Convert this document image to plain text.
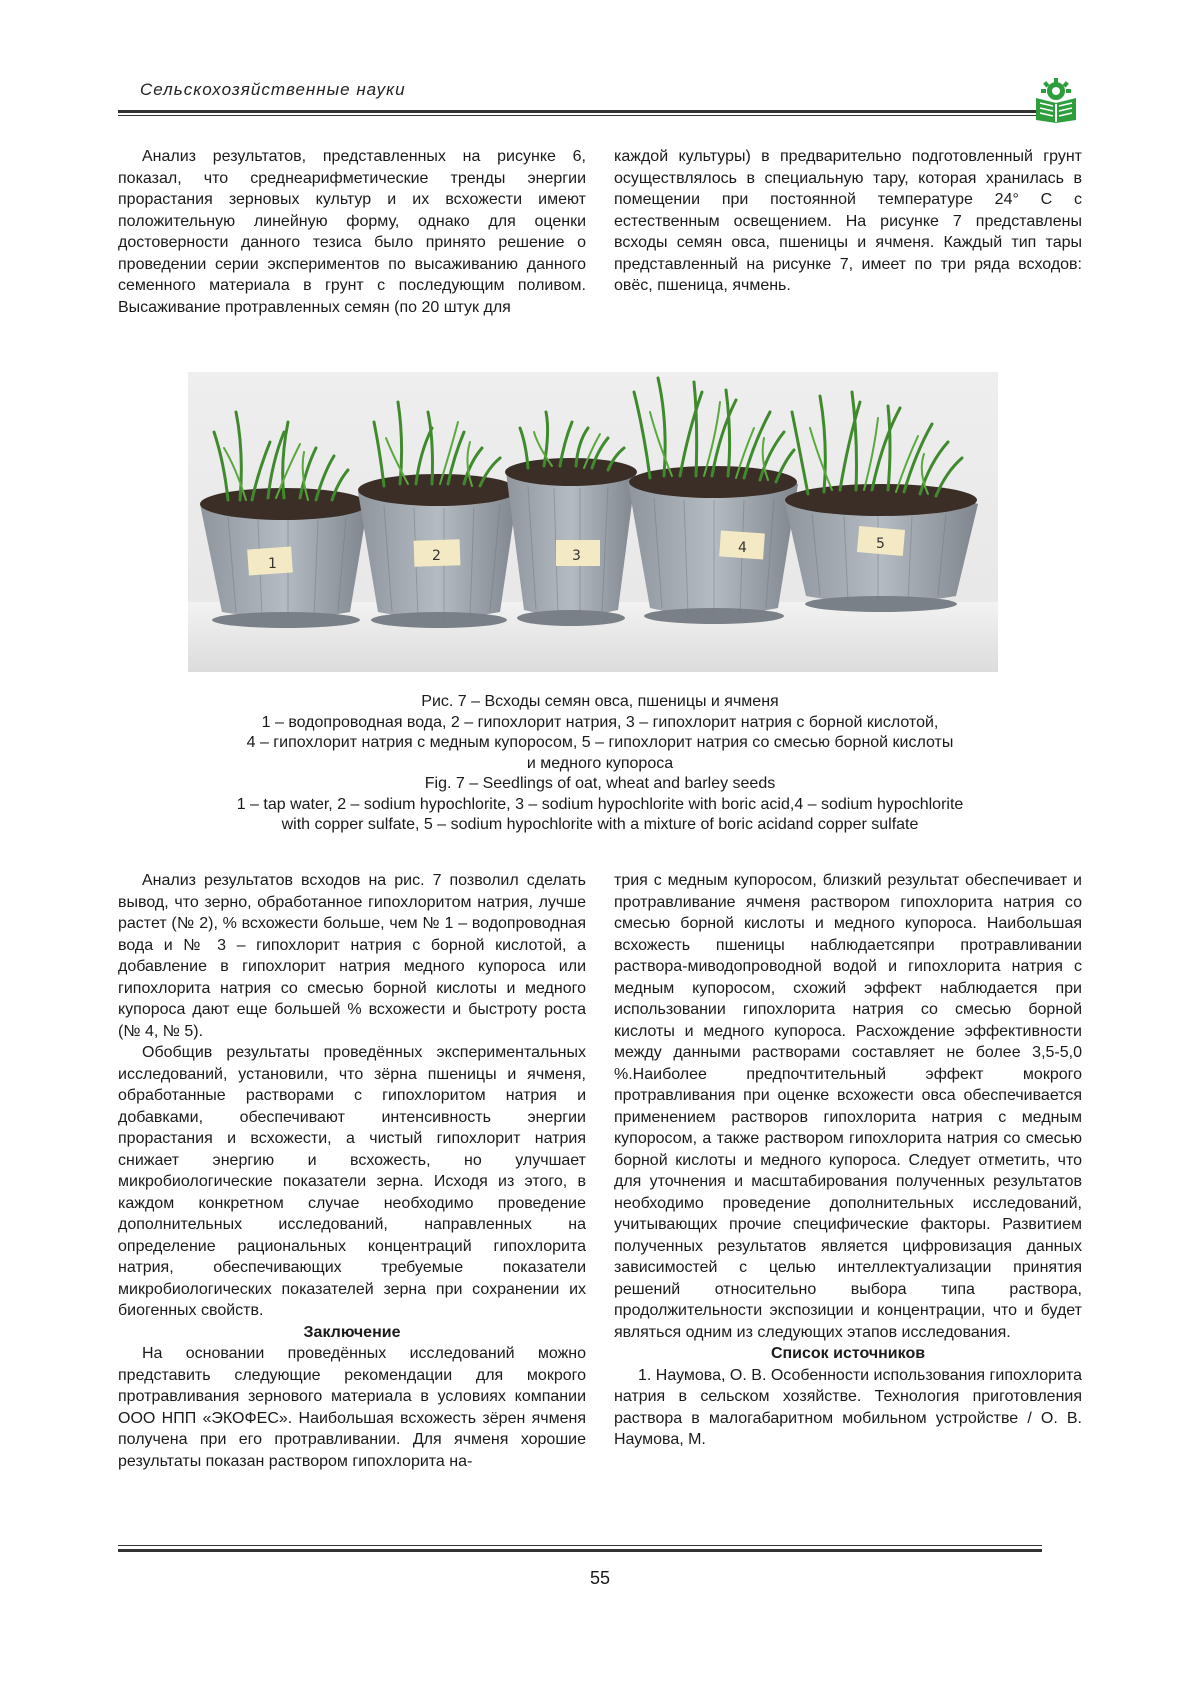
Сельскохозяйственные науки

Анализ результатов, представленных на рисунке 6, показал, что среднеарифметические тренды энергии прорастания зерновых культур и их всхожести имеют положительную линейную форму, однако для оценки достоверности данного тезиса было принято решение о проведении серии экспериментов по высаживанию данного семенного материала в грунт с последующим поливом. Высаживание протравленных семян (по 20 штук для

каждой культуры) в предварительно подготовленный грунт осуществлялось в специальную тару, которая хранилась в помещении при постоянной температуре 24° С с естественным освещением. На рисунке 7 представлены всходы семян овса, пшеницы и ячменя. Каждый тип тары представленный на рисунке 7, имеет по три ряда всходов: овёс, пшеница, ячмень.

1	2	3	4	5
Рис. 7 – Всходы семян овса, пшеницы и ячменя
1 – водопроводная вода, 2 – гипохлорит натрия, 3 – гипохлорит натрия с борной кислотой,
4 – гипохлорит натрия с медным купоросом, 5 – гипохлорит натрия со смесью борной кислоты
и медного купороса
Fig. 7 – Seedlings of oat, wheat and barley seeds
1 – tap water, 2 – sodium hypochlorite, 3 – sodium hypochlorite with boric acid,4 – sodium hypochlorite
with copper sulfate, 5 – sodium hypochlorite with a mixture of boric acidand copper sulfate

Анализ результатов всходов на рис. 7 позволил сделать вывод, что зерно, обработанное гипохлоритом натрия, лучше растет (№ 2), % всхожести больше, чем № 1 – водопроводная вода и № 3 – гипохлорит натрия с борной кислотой, а добавление в гипохлорит натрия медного купороса или гипохлорита натрия со смесью борной кислоты и медного купороса дают еще большей % всхожести и быстроту роста (№ 4, № 5).

Обобщив результаты проведённых экспериментальных исследований, установили, что зёрна пшеницы и ячменя, обработанные растворами с гипохлоритом натрия и добавками, обеспечивают интенсивность энергии прорастания и всхожести, а чистый гипохлорит натрия снижает энергию и всхожесть, но улучшает микробиологические показатели зерна. Исходя из этого, в каждом конкретном случае необходимо проведение дополнительных исследований, направленных на определение рациональных концентраций гипохлорита натрия, обеспечивающих требуемые показатели микробиологических показателей зерна при сохранении их биогенных свойств.

Заключение

На основании проведённых исследований можно представить следующие рекомендации для мокрого протравливания зернового материала в условиях компании ООО НПП «ЭКОФЕС». Наибольшая всхожесть зёрен ячменя получена при его протравливании. Для ячменя хорошие результаты показан раствором гипохлорита на-

трия с медным купоросом, близкий результат обеспечивает и протравливание ячменя раствором гипохлорита натрия со смесью борной кислоты и медного купороса. Наибольшая всхожесть пшеницы наблюдаетсяпри протравливании раствора-миводопроводной водой и гипохлорита натрия с медным купоросом, схожий эффект наблюдается при использовании гипохлорита натрия со смесью борной кислоты и медного купороса. Расхождение эффективности между данными растворами составляет не более 3,5-5,0 %.Наиболее предпочтительный эффект мокрого протравливания при оценке всхожести овса обеспечивается применением растворов гипохлорита натрия с медным купоросом, а также раствором гипохлорита натрия со смесью борной кислоты и медного купороса. Следует отметить, что для уточнения и масштабирования полученных результатов необходимо проведение дополнительных исследований, учитывающих прочие специфические факторы. Развитием полученных результатов является цифровизация данных зависимостей с целью интеллектуализации принятия решений относительно выбора типа раствора, продолжительности экспозиции и концентрации, что и будет являться одним из следующих этапов исследования.

Список источников

1. Наумова, О. В. Особенности использования гипохлорита натрия в сельском хозяйстве. Технология приготовления раствора в малогабаритном мобильном устройстве / О. В. Наумова, М.

55
